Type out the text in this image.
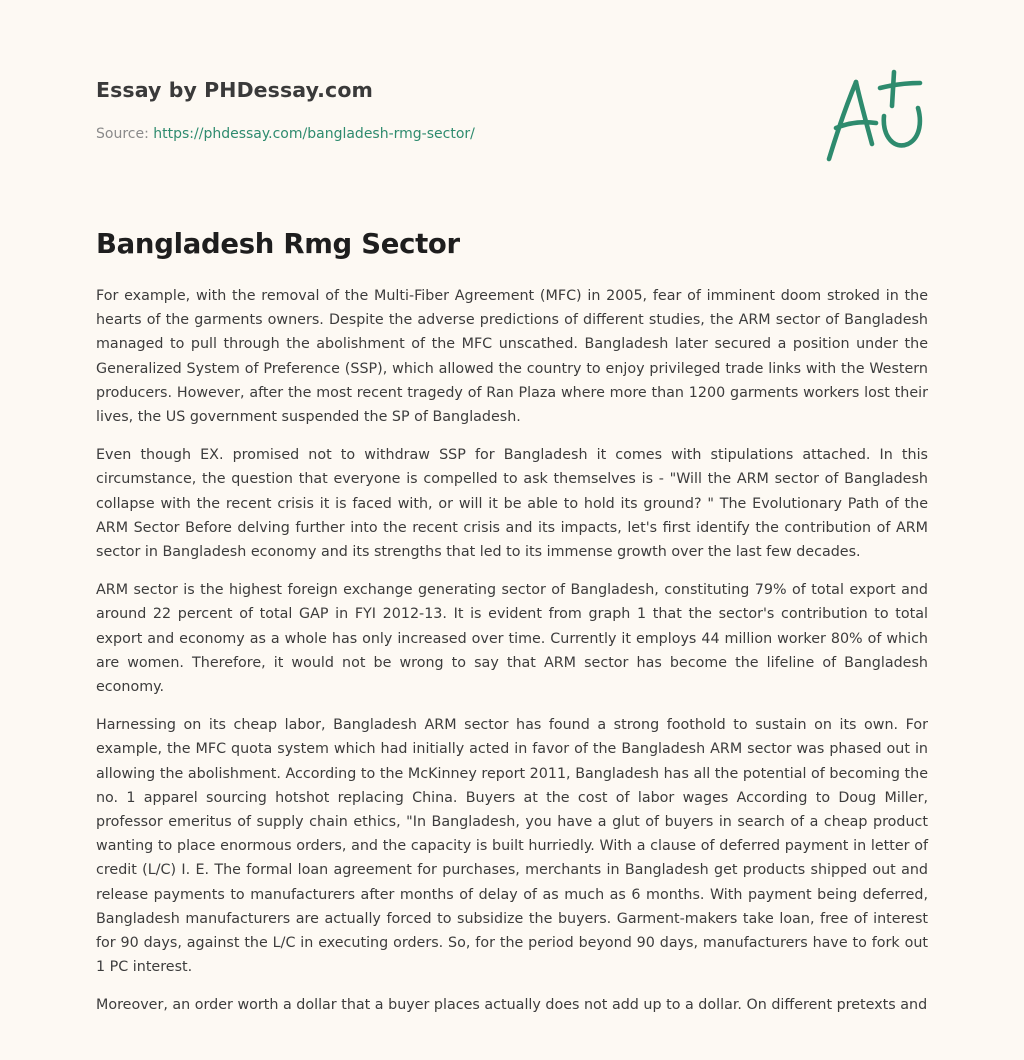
Essay by PHDessay.com
Source: https://phdessay.com/bangladesh-rmg-sector/
Bangladesh Rmg Sector

For example, with the removal of the Multi-Fiber Agreement (MFC) in 2005, fear of imminent doom stroked in the hearts of the garments owners. Despite the adverse predictions of different studies, the ARM sector of Bangladesh managed to pull through the abolishment of the MFC unscathed. Bangladesh later secured a position under the Generalized System of Preference (SSP), which allowed the country to enjoy privileged trade links with the Western producers. However, after the most recent tragedy of Ran Plaza where more than 1200 garments workers lost their lives, the US government suspended the SP of Bangladesh.

Even though EX. promised not to withdraw SSP for Bangladesh it comes with stipulations attached. In this circumstance, the question that everyone is compelled to ask themselves is - "Will the ARM sector of Bangladesh collapse with the recent crisis it is faced with, or will it be able to hold its ground? " The Evolutionary Path of the ARM Sector Before delving further into the recent crisis and its impacts, let's first identify the contribution of ARM sector in Bangladesh economy and its strengths that led to its immense growth over the last few decades.

ARM sector is the highest foreign exchange generating sector of Bangladesh, constituting 79% of total export and around 22 percent of total GAP in FYI 2012-13. It is evident from graph 1 that the sector's contribution to total export and economy as a whole has only increased over time. Currently it employs 44 million worker 80% of which are women. Therefore, it would not be wrong to say that ARM sector has become the lifeline of Bangladesh economy.

Harnessing on its cheap labor, Bangladesh ARM sector has found a strong foothold to sustain on its own. For example, the MFC quota system which had initially acted in favor of the Bangladesh ARM sector was phased out in allowing the abolishment. According to the McKinney report 2011, Bangladesh has all the potential of becoming the no. 1 apparel sourcing hotshot replacing China. Buyers at the cost of labor wages According to Doug Miller, professor emeritus of supply chain ethics, "In Bangladesh, you have a glut of buyers in search of a cheap product wanting to place enormous orders, and the capacity is built hurriedly. With a clause of deferred payment in letter of credit (L/C) I. E. The formal loan agreement for purchases, merchants in Bangladesh get products shipped out and release payments to manufacturers after months of delay of as much as 6 months. With payment being deferred, Bangladesh manufacturers are actually forced to subsidize the buyers. Garment-makers take loan, free of interest for 90 days, against the L/C in executing orders. So, for the period beyond 90 days, manufacturers have to fork out 1 PC interest.

Moreover, an order worth a dollar that a buyer places actually does not add up to a dollar. On different pretexts and
